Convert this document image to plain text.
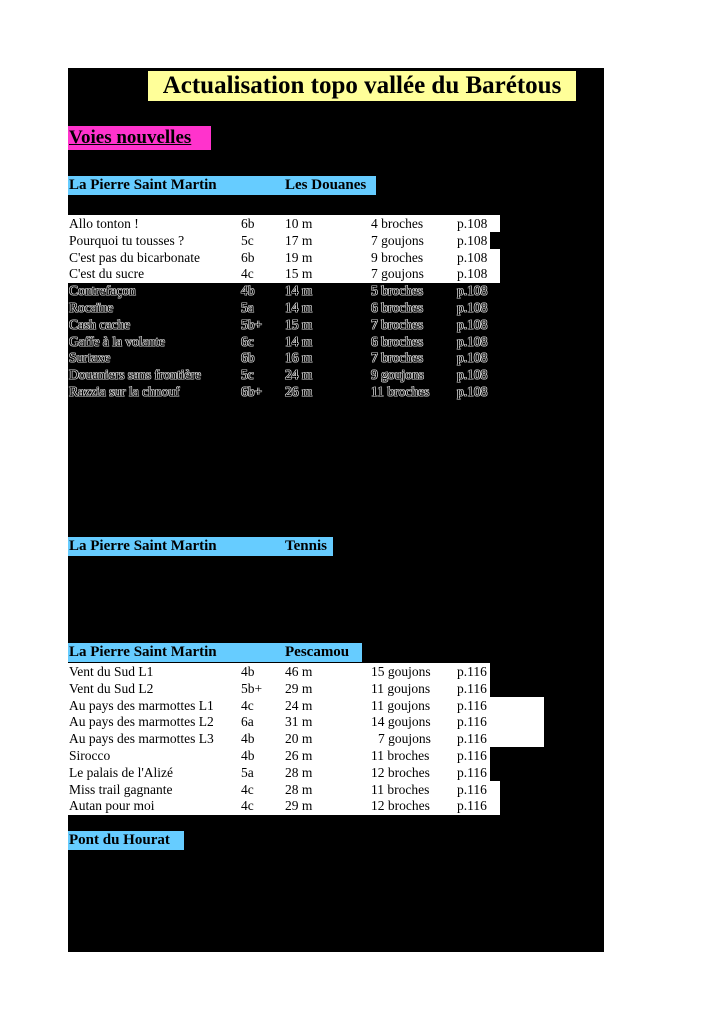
Actualisation topo vallée du Barétous
Voies nouvelles
La Pierre Saint Martin	Les Douanes
Allo tonton !	6b 10 m	4 broches	p.108
Pourquoi tu tousses ?	5c 17 m	7 goujons p.108
C'est pas du bicarbonate	6b 19 m	9 broches	p.108
C'est du sucre	4c 15 m	7 goujons p.108
Contrefaçon	4b 14 m	5 broches	p.108
Rocaïne	5a 14 m	6 broches	p.108
Cash cache	5b+ 15 m	7 broches	p.108
Gaffe à la volante	6c 14 m	6 broches	p.108
Surtaxe	6b 16 m	7 broches	p.108
Douaniers sans frontière	5c 24 m	9 goujons p.108
Razzia sur la chnouf	6b+ 26 m	11 broches p.108
La Pierre Saint Martin	Tennis
La Pierre Saint Martin	Pescamou
Vent du Sud L1	4b 46 m	15 goujons p.116
Vent du Sud L2	5b+ 29 m	11 goujons p.116
Au pays des marmottes L1 4c 24 m	11 goujons p.116
Au pays des marmottes L2 6a 31 m	14 goujons p.116
Au pays des marmottes L3 4b 20 m	7 goujons p.116
Sirocco	4b 26 m	11 broches p.116
Le palais de l'Alizé	5a 28 m	12 broches p.116
Miss trail gagnante	4c 28 m	11 broches p.116
Autan pour moi	4c 29 m	12 broches p.116
Pont du Hourat
